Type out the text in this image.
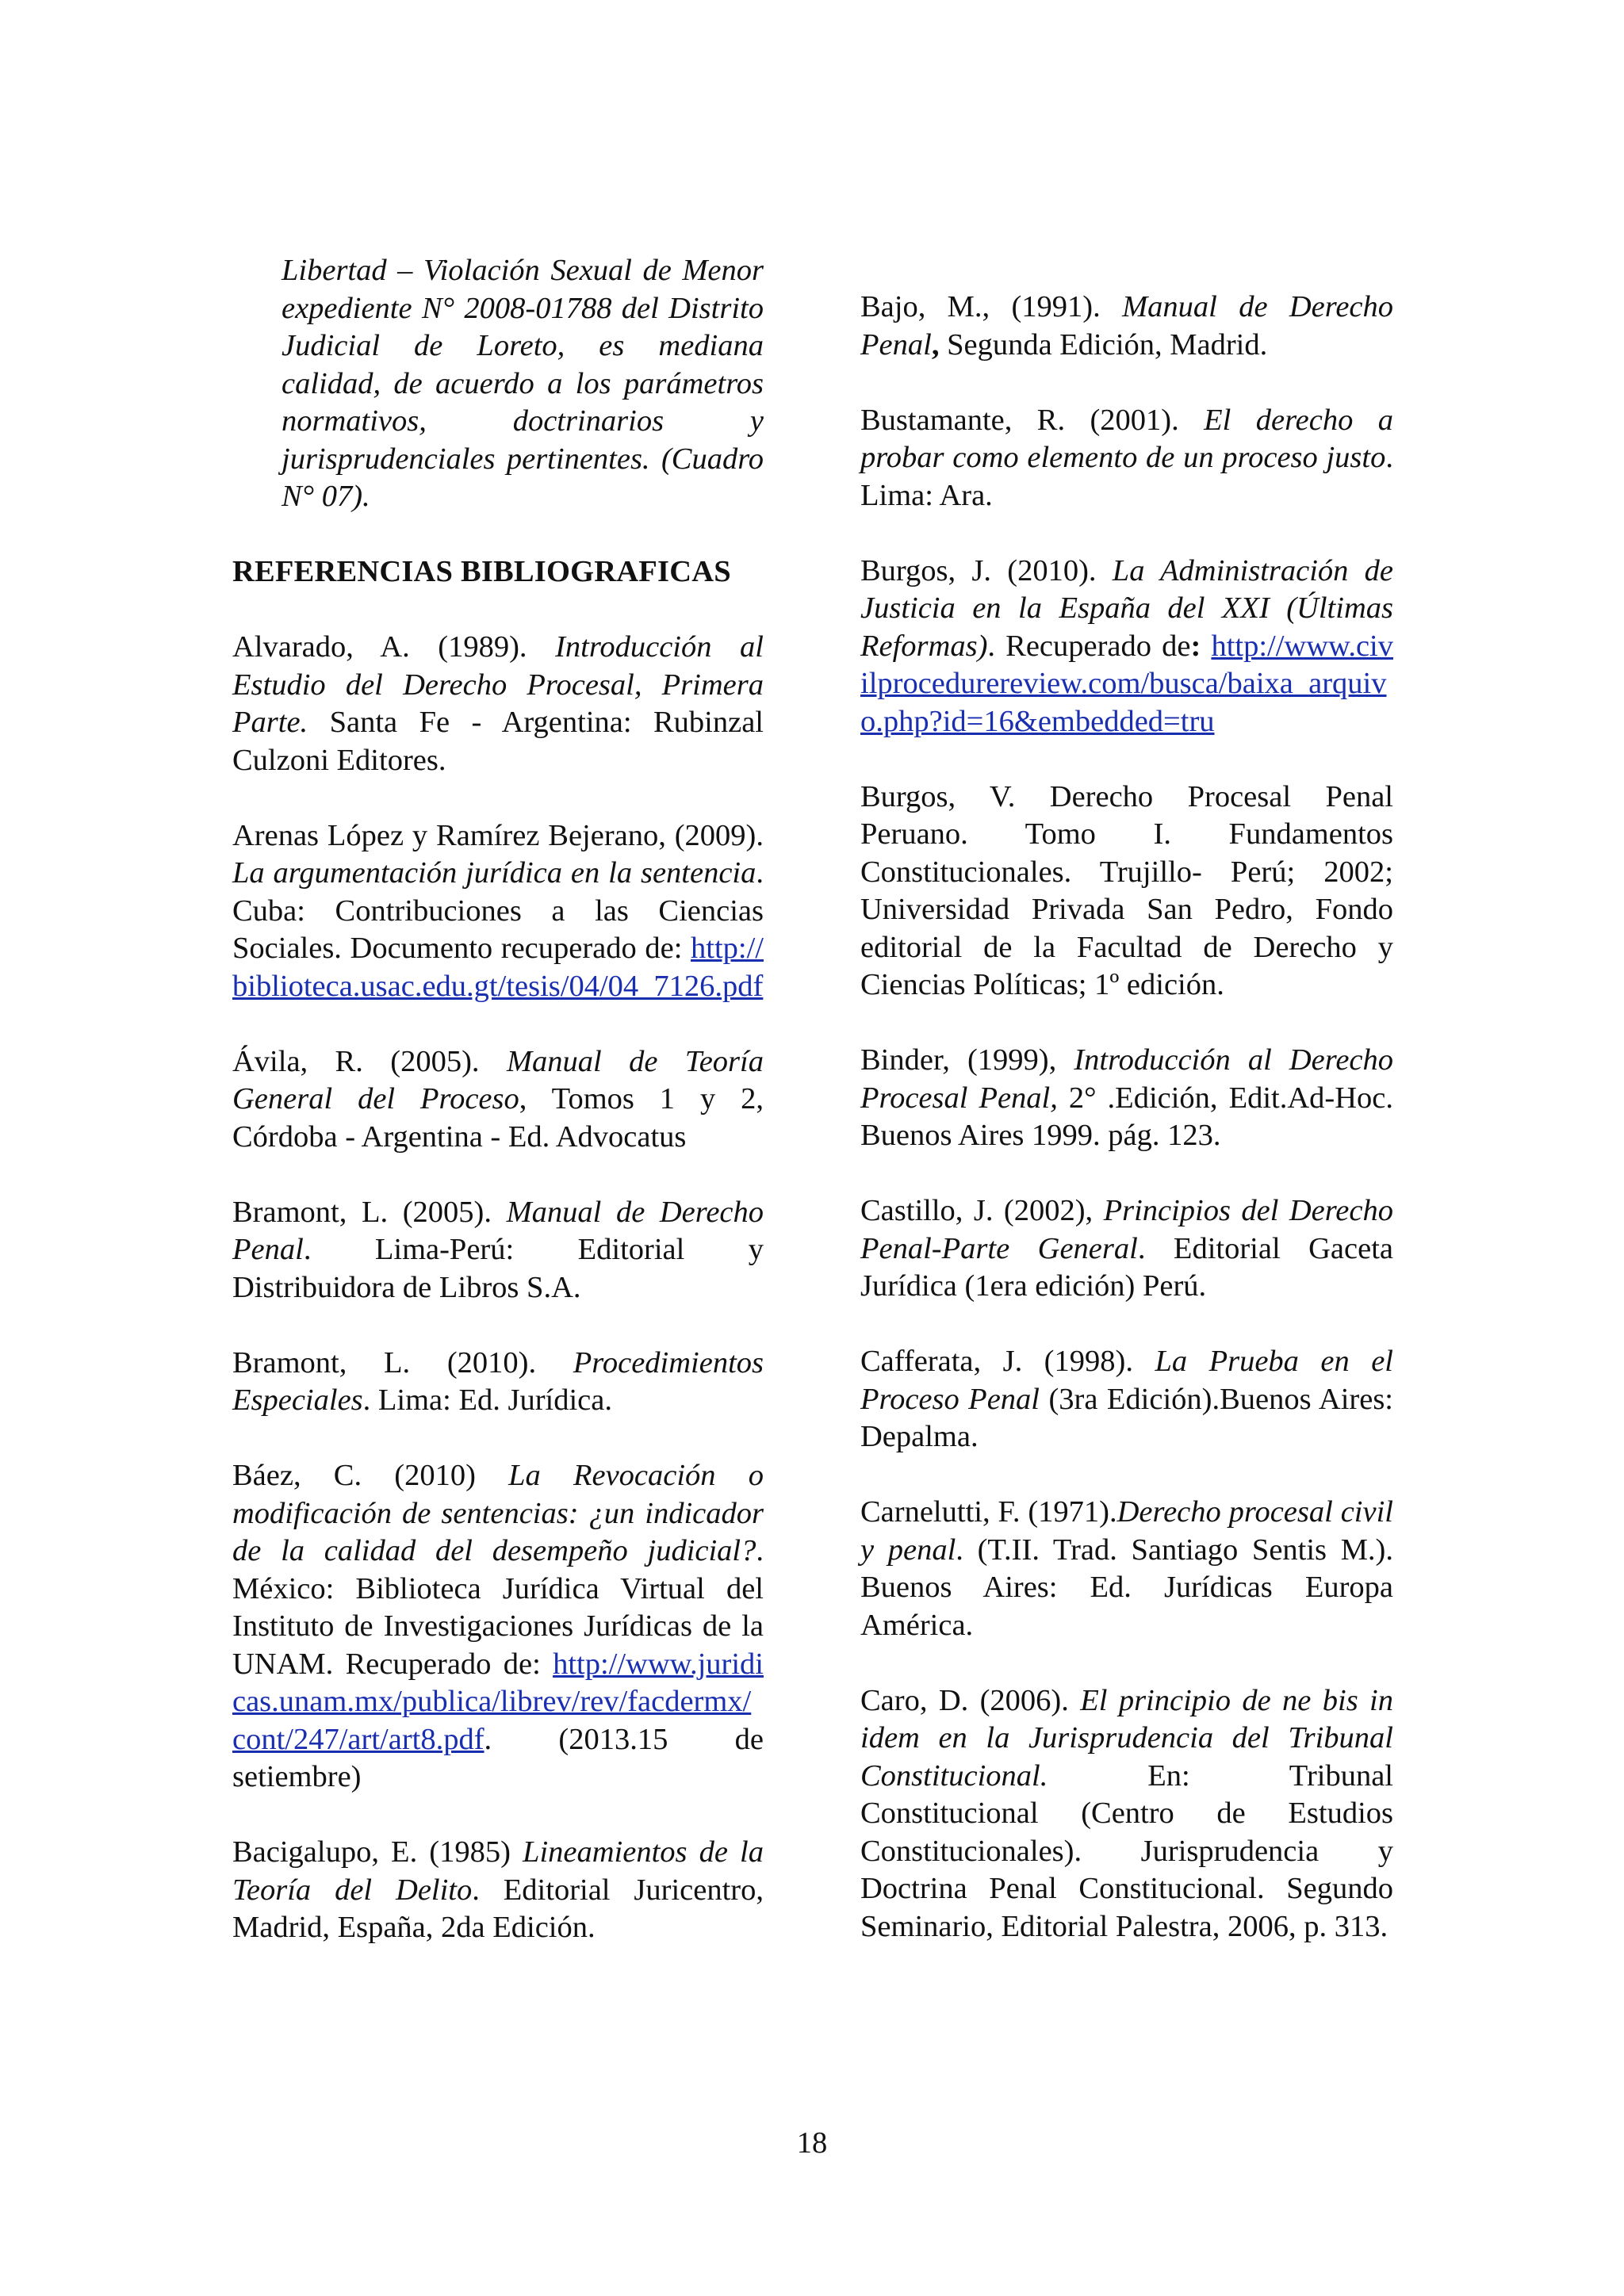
Libertad – Violación Sexual de Menor expediente N° 2008-01788 del Distrito Judicial de Loreto, es mediana calidad, de acuerdo a los parámetros normativos, doctrinarios y jurisprudenciales pertinentes. (Cuadro N° 07).

REFERENCIAS BIBLIOGRAFICAS

Alvarado, A. (1989). Introducción al Estudio del Derecho Procesal, Primera Parte. Santa Fe - Argentina: Rubinzal Culzoni Editores.

Arenas López y Ramírez Bejerano, (2009). La argumentación jurídica en la sentencia. Cuba: Contribuciones a las Ciencias Sociales. Documento recuperado de: http://biblioteca.usac.edu.gt/tesis/04/04_7126.pdf

Ávila, R. (2005). Manual de Teoría General del Proceso, Tomos 1 y 2, Córdoba - Argentina - Ed. Advocatus

Bramont, L. (2005). Manual de Derecho Penal. Lima-Perú: Editorial y Distribuidora de Libros S.A.

Bramont, L. (2010). Procedimientos Especiales. Lima: Ed. Jurídica.

Báez, C. (2010) La Revocación o modificación de sentencias: ¿un indicador de la calidad del desempeño judicial?. México: Biblioteca Jurídica Virtual del Instituto de Investigaciones Jurídicas de la UNAM. Recuperado de: http://www.juridicas.unam.mx/publica/librev/rev/facdermx/cont/247/art/art8.pdf. (2013.15 de setiembre)

Bacigalupo, E. (1985) Lineamientos de la Teoría del Delito. Editorial Juricentro, Madrid, España, 2da Edición.

Bajo, M., (1991). Manual de Derecho Penal, Segunda Edición, Madrid.

Bustamante, R. (2001). El derecho a probar como elemento de un proceso justo. Lima: Ara.

Burgos, J. (2010). La Administración de Justicia en la España del XXI (Últimas Reformas). Recuperado de: http://www.civilprocedurereview.com/busca/baixa_arquivo.php?id=16&embedded=tru

Burgos, V. Derecho Procesal Penal Peruano. Tomo I. Fundamentos Constitucionales. Trujillo- Perú; 2002; Universidad Privada San Pedro, Fondo editorial de la Facultad de Derecho y Ciencias Políticas; 1º edición.

Binder, (1999), Introducción al Derecho Procesal Penal, 2° .Edición, Edit.Ad-Hoc. Buenos Aires 1999. pág. 123.

Castillo, J. (2002), Principios del Derecho Penal-Parte General. Editorial Gaceta Jurídica (1era edición) Perú.

Cafferata, J. (1998). La Prueba en el Proceso Penal (3ra Edición).Buenos Aires: Depalma.

Carnelutti, F. (1971).Derecho procesal civil y penal. (T.II. Trad. Santiago Sentis M.). Buenos Aires: Ed. Jurídicas Europa América.

Caro, D. (2006). El principio de ne bis in idem en la Jurisprudencia del Tribunal Constitucional. En: Tribunal Constitucional (Centro de Estudios Constitucionales). Jurisprudencia y Doctrina Penal Constitucional. Segundo Seminario, Editorial Palestra, 2006, p. 313.

18
